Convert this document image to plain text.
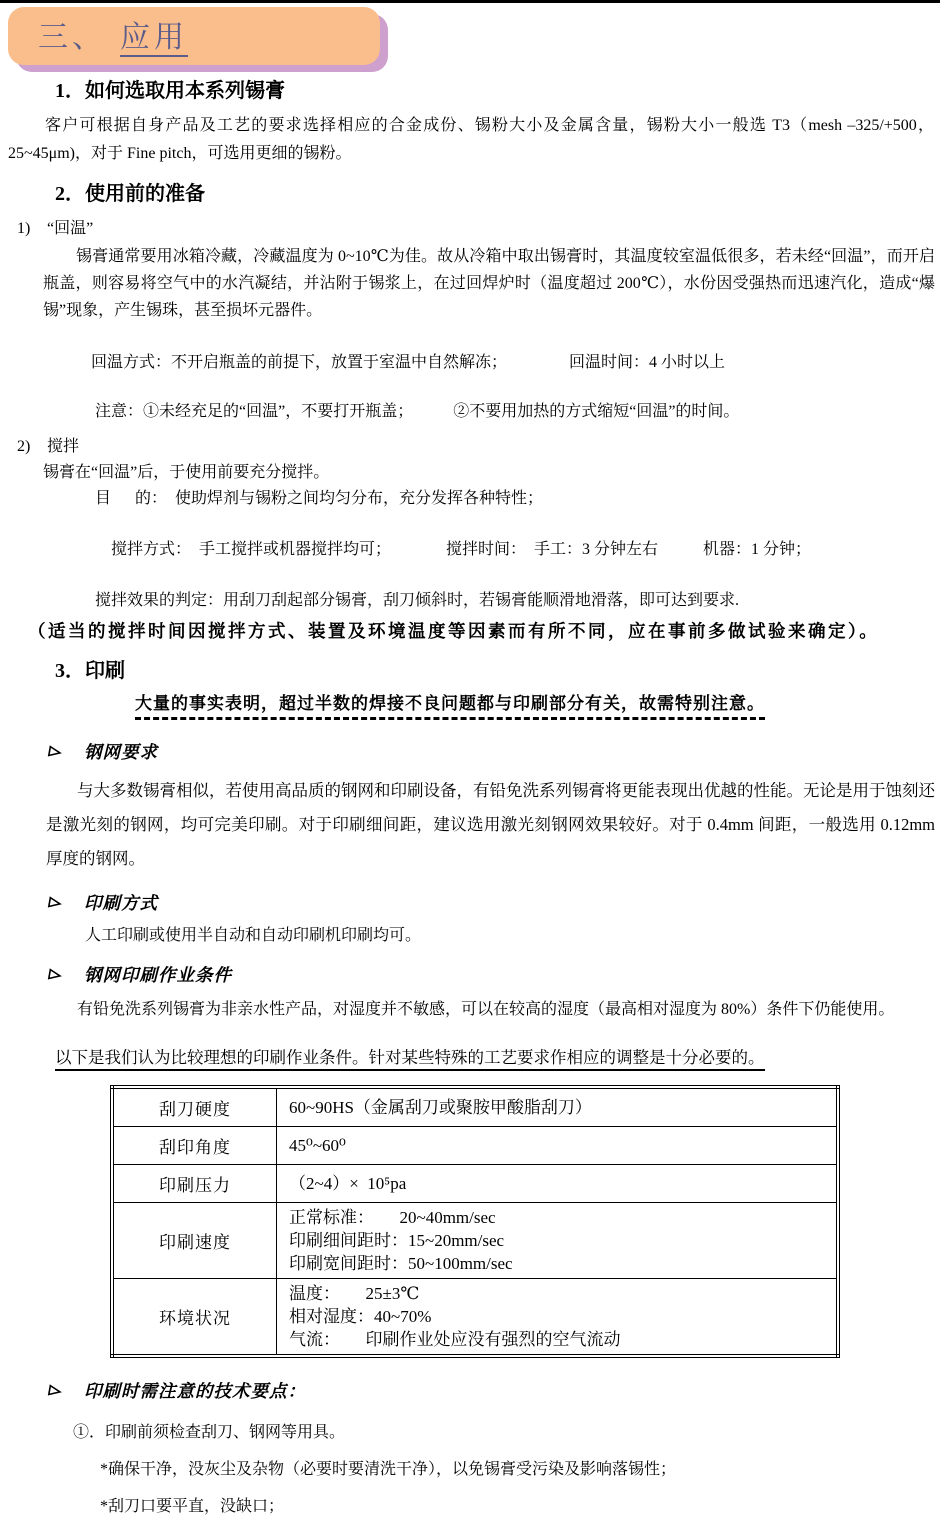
三、 应用
1．如何选取用本系列锡膏
客户可根据自身产品及工艺的要求选择相应的合金成份、锡粉大小及金属含量，锡粉大小一般选 T3（mesh –325/+500，25~45μm)，对于 Fine pitch，可选用更细的锡粉。
2．使用前的准备
1) “回温”
锡膏通常要用冰箱冷藏，冷藏温度为 0~10℃为佳。故从冷箱中取出锡膏时，其温度较室温低很多，若未经“回温”，而开启瓶盖，则容易将空气中的水汽凝结，并沾附于锡浆上，在过回焊炉时（温度超过 200℃），水份因受强热而迅速汽化，造成“爆锡”现象，产生锡珠，甚至损坏元器件。

回温方式：不开启瓶盖的前提下，放置于室温中自然解冻；	回温时间：4 小时以上

注意：①未经充足的“回温”，不要打开瓶盖；	②不要用加热的方式缩短“回温”的时间。
2) 搅拌
锡膏在“回温”后，于使用前要充分搅拌。
目      的：  使助焊剂与锡粉之间均匀分布，充分发挥各种特性；

搅拌方式：  手工搅拌或机器搅拌均可；	搅拌时间：  手工：3 分钟左右	机器：1 分钟；

搅拌效果的判定：用刮刀刮起部分锡膏，刮刀倾斜时，若锡膏能顺滑地滑落，即可达到要求.
（适当的搅拌时间因搅拌方式、装置及环境温度等因素而有所不同，应在事前多做试验来确定）。
3．印刷
大量的事实表明，超过半数的焊接不良问题都与印刷部分有关，故需特别注意。
钢网要求
与大多数锡膏相似，若使用高品质的钢网和印刷设备，有铅免洗系列锡膏将更能表现出优越的性能。无论是用于蚀刻还是激光刻的钢网，均可完美印刷。对于印刷细间距，建议选用激光刻钢网效果较好。对于 0.4mm 间距，一般选用 0.12mm 厚度的钢网。
印刷方式
人工印刷或使用半自动和自动印刷机印刷均可。
钢网印刷作业条件
有铅免洗系列锡膏为非亲水性产品，对湿度并不敏感，可以在较高的湿度（最高相对湿度为 80%）条件下仍能使用。
以下是我们认为比较理想的印刷作业条件。针对某些特殊的工艺要求作相应的调整是十分必要的。
刮刀硬度	60~90HS（金属刮刀或聚胺甲酸脂刮刀）

刮印角度	45⁰~60⁰

印刷压力	（2~4）×  10⁵pa

印刷速度	正常标准：      20~40mm/sec
印刷细间距时：15~20mm/sec
印刷宽间距时：50~100mm/sec

环境状况	温度：      25±3℃
相对湿度：40~70%
气流：      印刷作业处应没有强烈的空气流动
印刷时需注意的技术要点：
①．印刷前须检查刮刀、钢网等用具。
*确保干净，没灰尘及杂物（必要时要清洗干净），以免锡膏受污染及影响落锡性；
*刮刀口要平直，没缺口；
